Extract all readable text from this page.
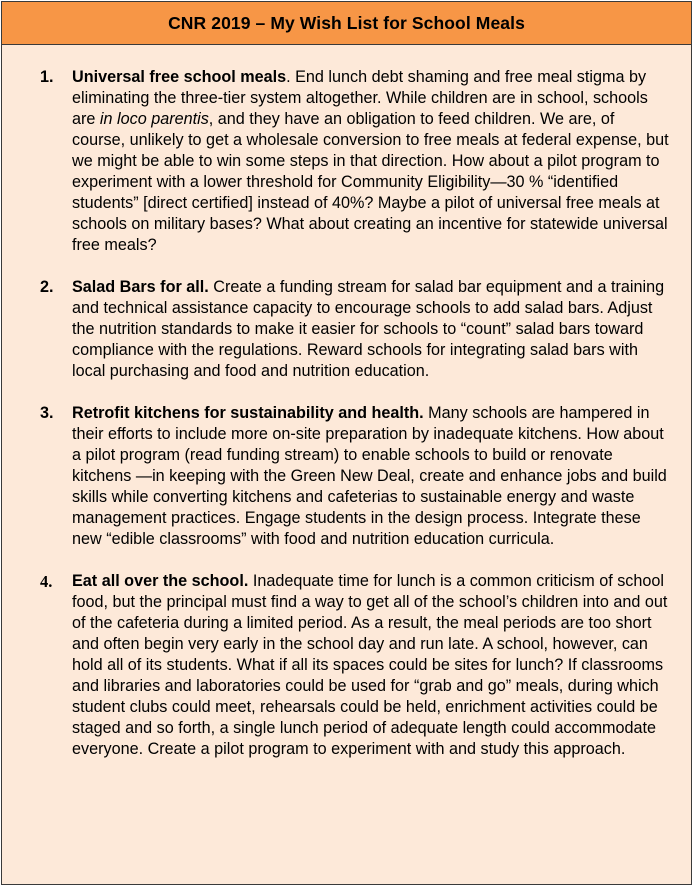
CNR 2019 – My Wish List for School Meals
1. Universal free school meals. End lunch debt shaming and free meal stigma by eliminating the three-tier system altogether. While children are in school, schools are in loco parentis, and they have an obligation to feed children. We are, of course, unlikely to get a wholesale conversion to free meals at federal expense, but we might be able to win some steps in that direction. How about a pilot program to experiment with a lower threshold for Community Eligibility—30 % “identified students” [direct certified] instead of 40%? Maybe a pilot of universal free meals at schools on military bases? What about creating an incentive for statewide universal free meals?
2. Salad Bars for all. Create a funding stream for salad bar equipment and a training and technical assistance capacity to encourage schools to add salad bars. Adjust the nutrition standards to make it easier for schools to “count” salad bars toward compliance with the regulations. Reward schools for integrating salad bars with local purchasing and food and nutrition education.
3. Retrofit kitchens for sustainability and health. Many schools are hampered in their efforts to include more on-site preparation by inadequate kitchens. How about a pilot program (read funding stream) to enable schools to build or renovate kitchens —in keeping with the Green New Deal, create and enhance jobs and build skills while converting kitchens and cafeterias to sustainable energy and waste management practices. Engage students in the design process. Integrate these new “edible classrooms” with food and nutrition education curricula.
4. Eat all over the school. Inadequate time for lunch is a common criticism of school food, but the principal must find a way to get all of the school’s children into and out of the cafeteria during a limited period. As a result, the meal periods are too short and often begin very early in the school day and run late. A school, however, can hold all of its students. What if all its spaces could be sites for lunch? If classrooms and libraries and laboratories could be used for “grab and go” meals, during which student clubs could meet, rehearsals could be held, enrichment activities could be staged and so forth, a single lunch period of adequate length could accommodate everyone. Create a pilot program to experiment with and study this approach.
